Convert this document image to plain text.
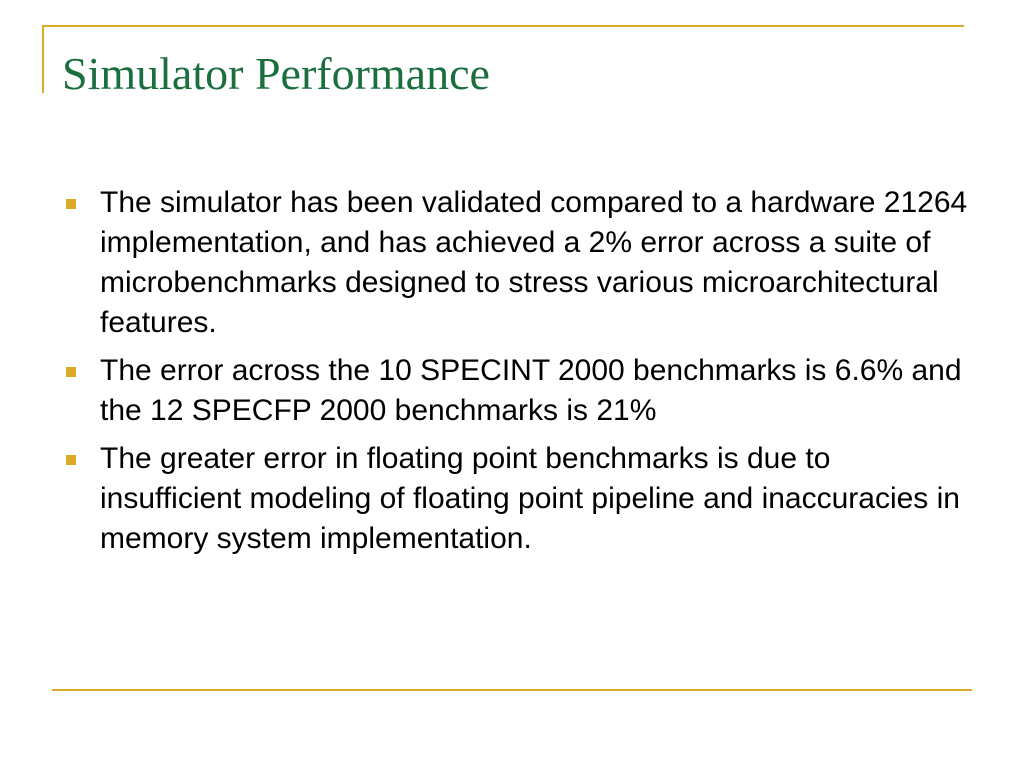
Simulator Performance
The simulator has been validated compared to a hardware 21264 implementation, and has achieved a 2% error across a suite of microbenchmarks designed to stress various microarchitectural features.
The error across the 10 SPECINT 2000 benchmarks is 6.6% and the 12 SPECFP 2000 benchmarks is 21%
The greater error in floating point benchmarks is due to insufficient modeling of floating point pipeline and inaccuracies in memory system implementation.
